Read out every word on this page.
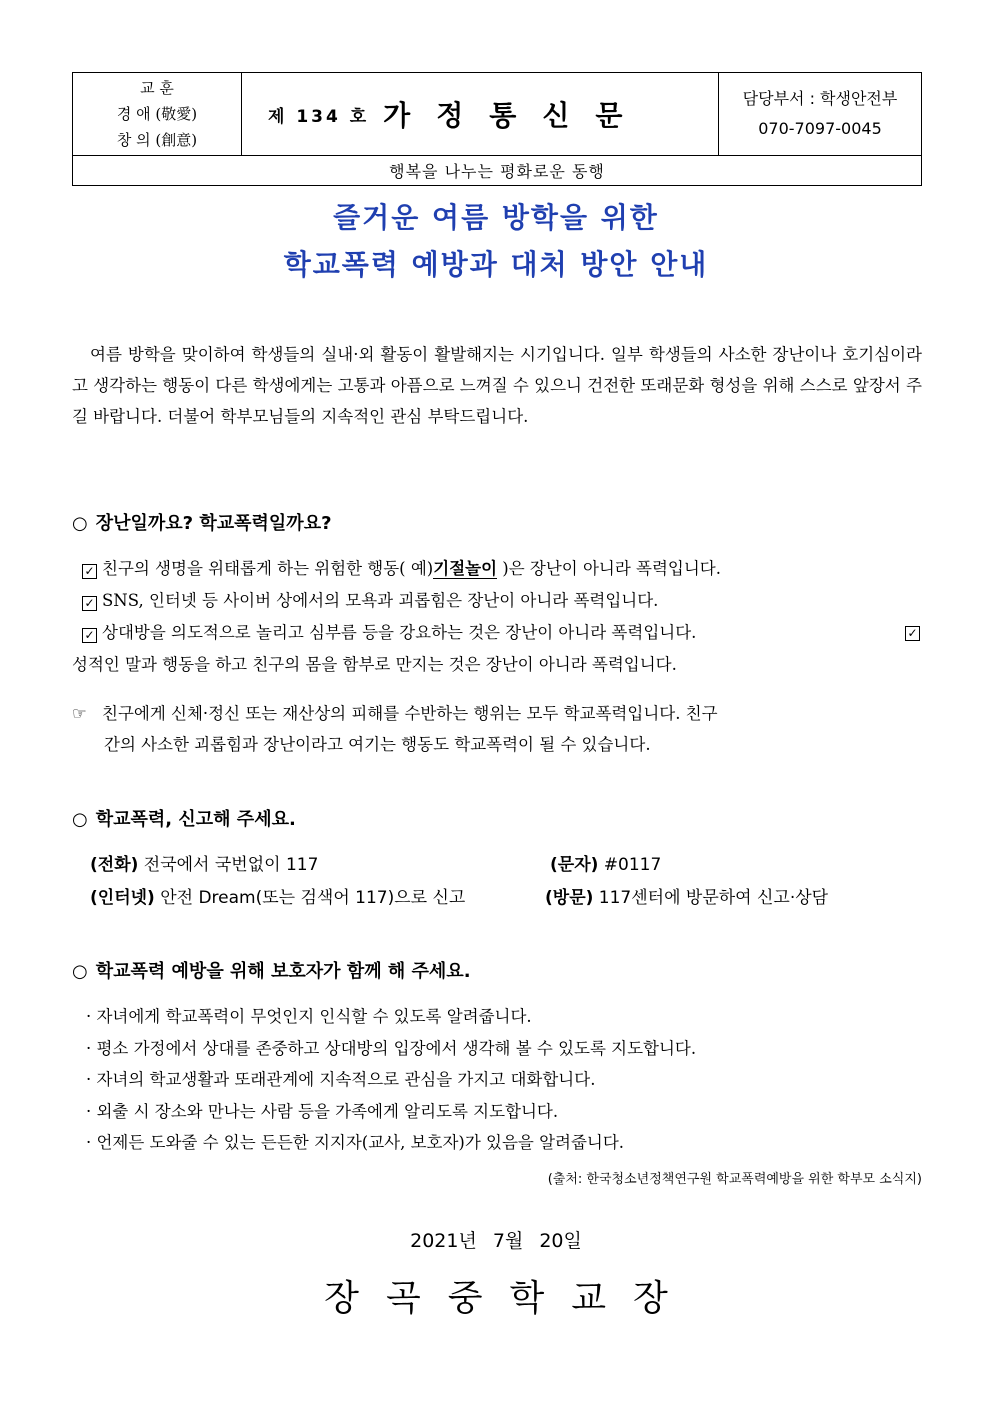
교 훈
경 애 (敬愛)
창 의 (創意)
제 134 호 가정통신문
담당부서 : 학생안전부
070-7097-0045
행복을 나누는 평화로운 동행
즐거운 여름 방학을 위한
학교폭력 예방과 대처 방안 안내
여름 방학을 맞이하여 학생들의 실내·외 활동이 활발해지는 시기입니다. 일부 학생들의 사소한 장난이나 호기심이라고 생각하는 행동이 다른 학생에게는 고통과 아픔으로 느껴질 수 있으니 건전한 또래문화 형성을 위해 스스로 앞장서 주길 바랍니다. 더불어 학부모님들의 지속적인 관심 부탁드립니다.
○ 장난일까요? 학교폭력일까요?
✓ 친구의 생명을 위태롭게 하는 위험한 행동( 예)기절놀이 )은 장난이 아니라 폭력입니다.
✓ SNS, 인터넷 등 사이버 상에서의 모욕과 괴롭힘은 장난이 아니라 폭력입니다.
✓ 상대방을 의도적으로 놀리고 심부름 등을 강요하는 것은 장난이 아니라 폭력입니다.	✓
성적인 말과 행동을 하고 친구의 몸을 함부로 만지는 것은 장난이 아니라 폭력입니다.
☞ 친구에게 신체·정신 또는 재산상의 피해를 수반하는 행위는 모두 학교폭력입니다. 친구
간의 사소한 괴롭힘과 장난이라고 여기는 행동도 학교폭력이 될 수 있습니다.
○ 학교폭력, 신고해 주세요.
(전화) 전국에서 국번없이 117	(문자) #0117
(인터넷) 안전 Dream(또는 검색어 117)으로 신고	(방문) 117센터에 방문하여 신고·상담
○ 학교폭력 예방을 위해 보호자가 함께 해 주세요.
· 자녀에게 학교폭력이 무엇인지 인식할 수 있도록 알려줍니다.
· 평소 가정에서 상대를 존중하고 상대방의 입장에서 생각해 볼 수 있도록 지도합니다.
· 자녀의 학교생활과 또래관계에 지속적으로 관심을 가지고 대화합니다.
· 외출 시 장소와 만나는 사람 등을 가족에게 알리도록 지도합니다.
· 언제든 도와줄 수 있는 든든한 지지자(교사, 보호자)가 있음을 알려줍니다.
(출처: 한국청소년정책연구원 학교폭력예방을 위한 학부모 소식지)
2021년 7월 20일
장곡중학교장
